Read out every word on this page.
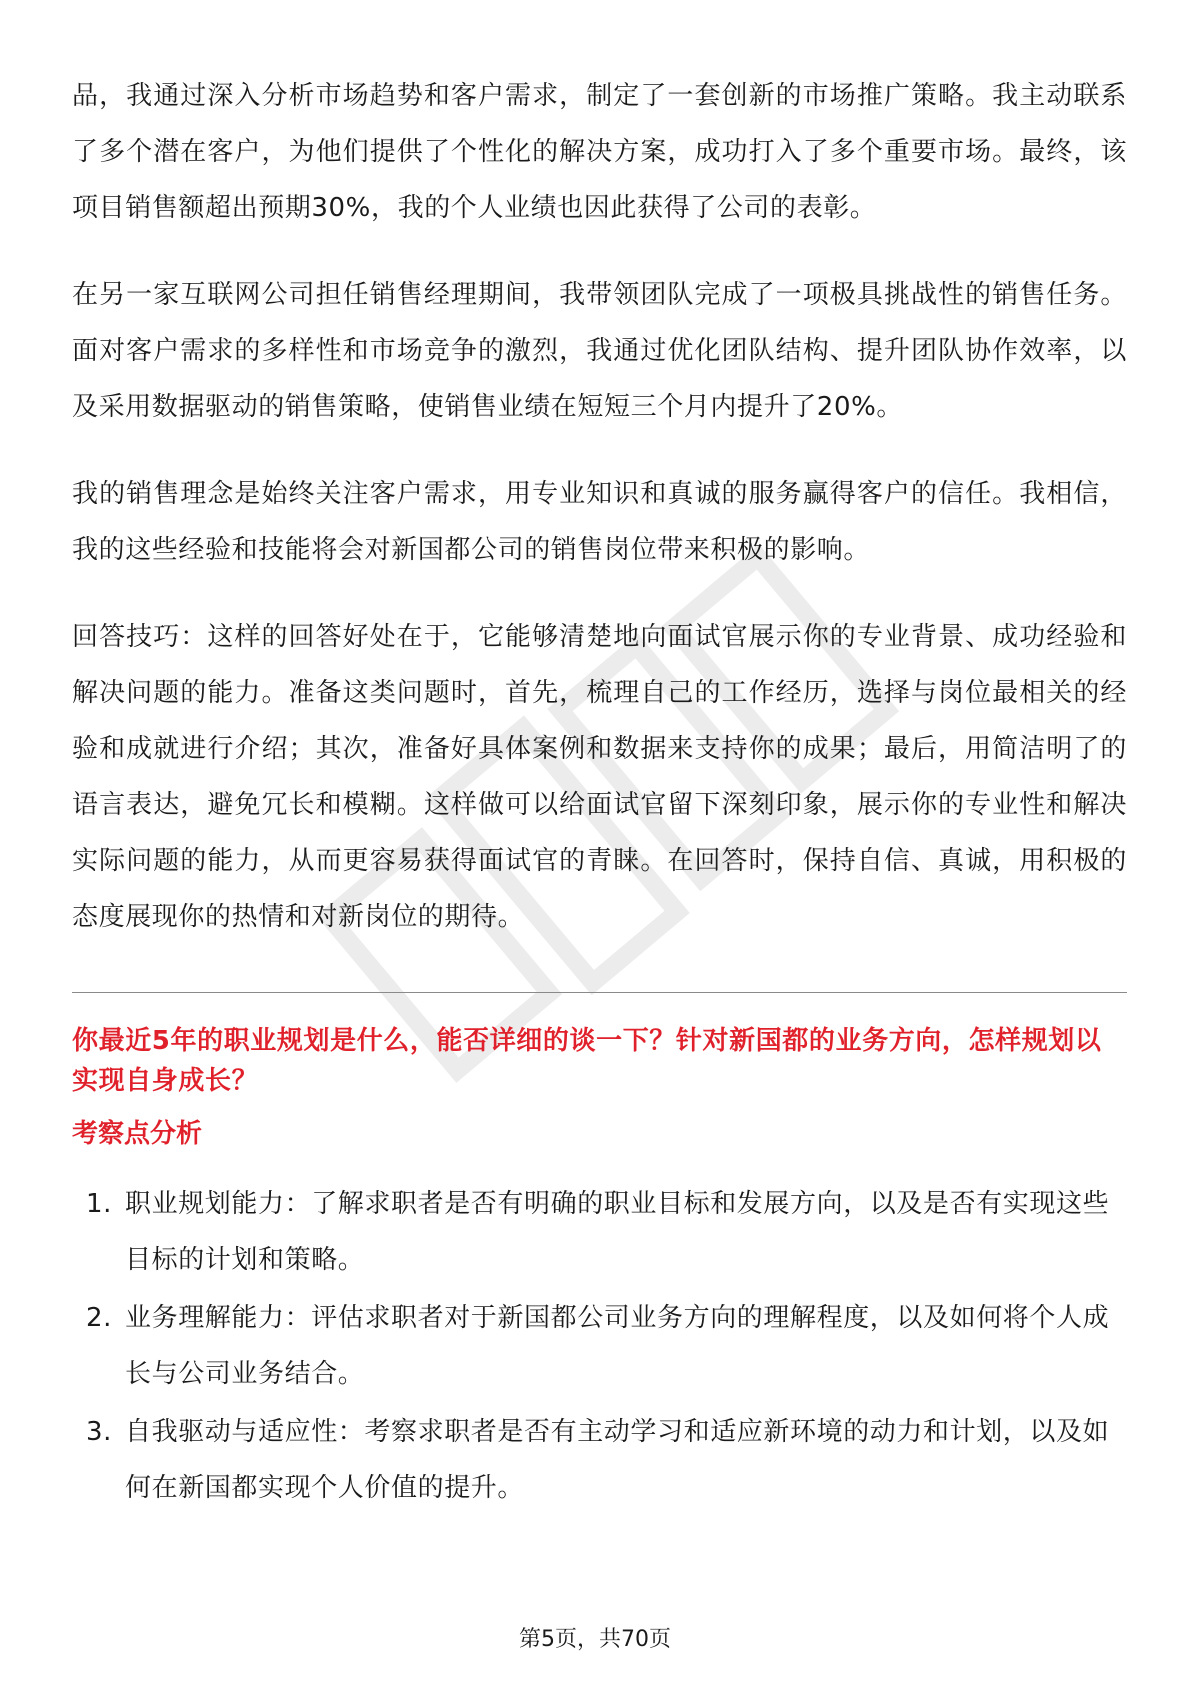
品，我通过深入分析市场趋势和客户需求，制定了一套创新的市场推广策略。我主动联系了多个潜在客户，为他们提供了个性化的解决方案，成功打入了多个重要市场。最终，该项目销售额超出预期30%，我的个人业绩也因此获得了公司的表彰。

在另一家互联网公司担任销售经理期间，我带领团队完成了一项极具挑战性的销售任务。面对客户需求的多样性和市场竞争的激烈，我通过优化团队结构、提升团队协作效率，以及采用数据驱动的销售策略，使销售业绩在短短三个月内提升了20%。

我的销售理念是始终关注客户需求，用专业知识和真诚的服务赢得客户的信任。我相信，我的这些经验和技能将会对新国都公司的销售岗位带来积极的影响。

回答技巧：这样的回答好处在于，它能够清楚地向面试官展示你的专业背景、成功经验和解决问题的能力。准备这类问题时，首先，梳理自己的工作经历，选择与岗位最相关的经验和成就进行介绍；其次，准备好具体案例和数据来支持你的成果；最后，用简洁明了的语言表达，避免冗长和模糊。这样做可以给面试官留下深刻印象，展示你的专业性和解决实际问题的能力，从而更容易获得面试官的青睐。在回答时，保持自信、真诚，用积极的态度展现你的热情和对新岗位的期待。

你最近5年的职业规划是什么，能否详细的谈一下？针对新国都的业务方向，怎样规划以实现自身成长？
考察点分析
1. 职业规划能力：了解求职者是否有明确的职业目标和发展方向，以及是否有实现这些目标的计划和策略。
2. 业务理解能力：评估求职者对于新国都公司业务方向的理解程度，以及如何将个人成长与公司业务结合。
3. 自我驱动与适应性：考察求职者是否有主动学习和适应新环境的动力和计划，以及如何在新国都实现个人价值的提升。
第5页，共70页
